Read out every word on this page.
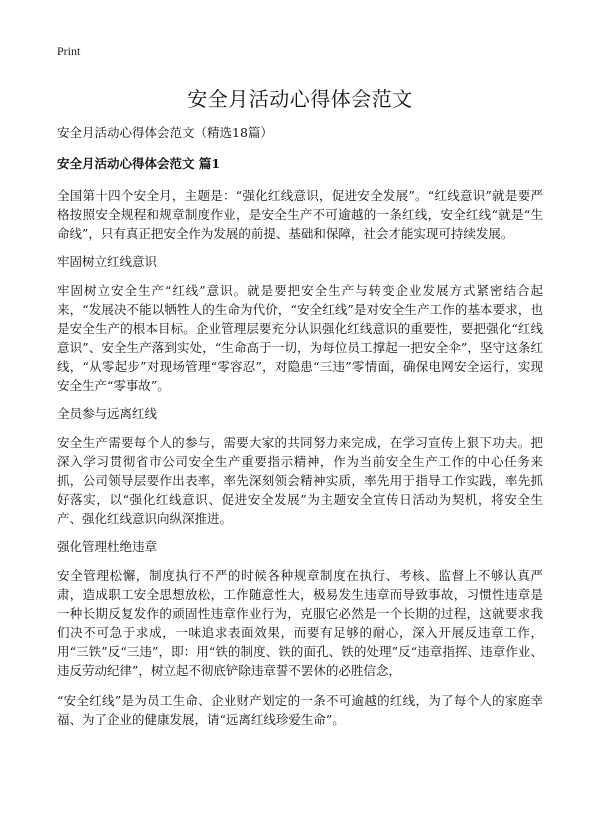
Print

安全月活动心得体会范文

安全月活动心得体会范文（精选18篇）

安全月活动心得体会范文 篇1

全国第十四个安全月，主题是：“强化红线意识，促进安全发展”。“红线意识”就是要严格按照安全规程和规章制度作业，是安全生产不可逾越的一条红线，安全红线“就是“生命线”，只有真正把安全作为发展的前提、基础和保障，社会才能实现可持续发展。

牢固树立红线意识

牢固树立安全生产“红线”意识。就是要把安全生产与转变企业发展方式紧密结合起来，“发展决不能以牺牲人的生命为代价，“安全红线”是对安全生产工作的基本要求，也是安全生产的根本目标。企业管理层要充分认识强化红线意识的重要性，要把强化“红线意识”、安全生产落到实处，“生命高于一切，为每位员工撑起一把安全伞”，坚守这条红线，“从零起步”对现场管理“零容忍”，对隐患“三违”零情面，确保电网安全运行，实现安全生产“零事故”。

全员参与远离红线

安全生产需要每个人的参与，需要大家的共同努力来完成，在学习宣传上狠下功夫。把深入学习贯彻省市公司安全生产重要指示精神，作为当前安全生产工作的中心任务来抓，公司领导层要作出表率，率先深刻领会精神实质，率先用于指导工作实践，率先抓好落实，以“强化红线意识、促进安全发展”为主题安全宣传日活动为契机，将安全生产、强化红线意识向纵深推进。

强化管理杜绝违章

安全管理松懈，制度执行不严的时候各种规章制度在执行、考核、监督上不够认真严肃，造成职工安全思想放松，工作随意性大，极易发生违章而导致事故，习惯性违章是一种长期反复发作的顽固性违章作业行为，克服它必然是一个长期的过程，这就要求我们决不可急于求成，一味追求表面效果，而要有足够的耐心，深入开展反违章工作，用“三铁”反“三违”，即：用“铁的制度、铁的面孔、铁的处理”反“违章指挥、违章作业、违反劳动纪律”，树立起不彻底铲除违章誓不罢休的必胜信念，

“安全红线”是为员工生命、企业财产划定的一条不可逾越的红线，为了每个人的家庭幸福、为了企业的健康发展，请“远离红线珍爱生命”。
